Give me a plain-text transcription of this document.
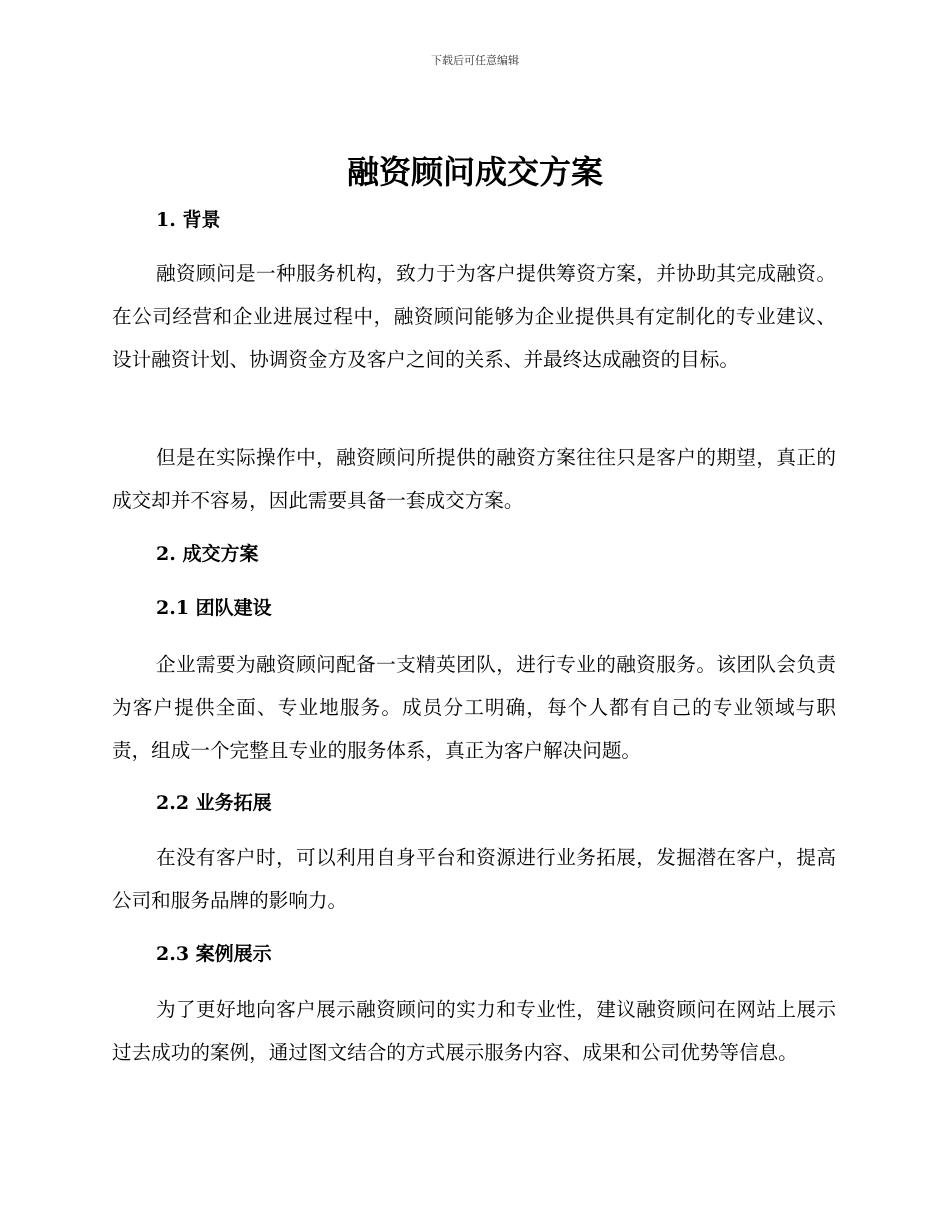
下载后可任意编辑
融资顾问成交方案
1. 背景

融资顾问是一种服务机构，致力于为客户提供筹资方案，并协助其完成融资。在公司经营和企业进展过程中，融资顾问能够为企业提供具有定制化的专业建议、设计融资计划、协调资金方及客户之间的关系、并最终达成融资的目标。

但是在实际操作中，融资顾问所提供的融资方案往往只是客户的期望，真正的成交却并不容易，因此需要具备一套成交方案。

2. 成交方案
2.1 团队建设

企业需要为融资顾问配备一支精英团队，进行专业的融资服务。该团队会负责为客户提供全面、专业地服务。成员分工明确，每个人都有自己的专业领域与职责，组成一个完整且专业的服务体系，真正为客户解决问题。

2.2 业务拓展

在没有客户时，可以利用自身平台和资源进行业务拓展，发掘潜在客户，提高公司和服务品牌的影响力。

2.3 案例展示

为了更好地向客户展示融资顾问的实力和专业性，建议融资顾问在网站上展示过去成功的案例，通过图文结合的方式展示服务内容、成果和公司优势等信息。
